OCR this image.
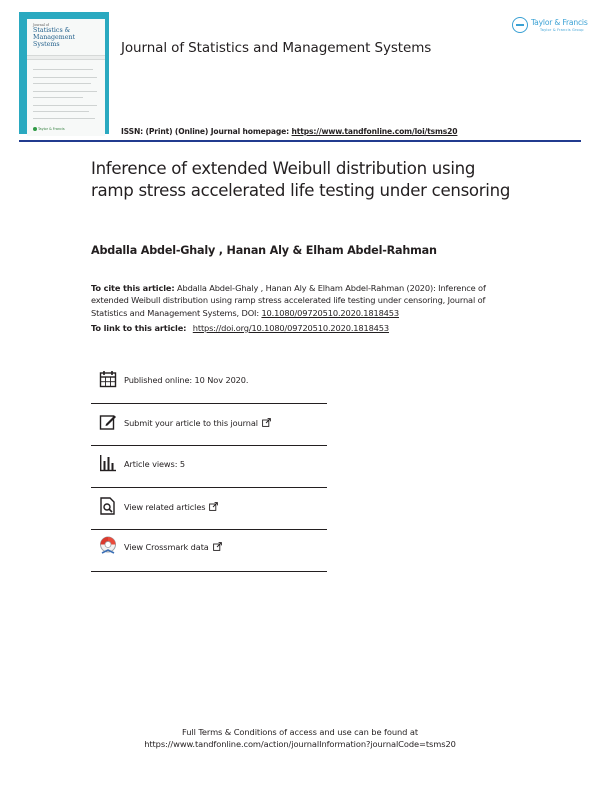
Journal of
Statistics &
Management Systems
Taylor & Francis
Journal of Statistics and Management Systems
Taylor & Francis
Taylor & Francis Group
ISSN: (Print) (Online) Journal homepage: https://www.tandfonline.com/loi/tsms20
Inference of extended Weibull distribution using ramp stress accelerated life testing under censoring
Abdalla Abdel-Ghaly , Hanan Aly & Elham Abdel-Rahman
To cite this article: Abdalla Abdel-Ghaly , Hanan Aly & Elham Abdel-Rahman (2020): Inference of extended Weibull distribution using ramp stress accelerated life testing under censoring, Journal of Statistics and Management Systems, DOI: 10.1080/09720510.2020.1818453
To link to this article: https://doi.org/10.1080/09720510.2020.1818453
Published online: 10 Nov 2020.
Submit your article to this journal
Article views: 5
View related articles
View Crossmark data
Full Terms & Conditions of access and use can be found at
https://www.tandfonline.com/action/journalInformation?journalCode=tsms20
